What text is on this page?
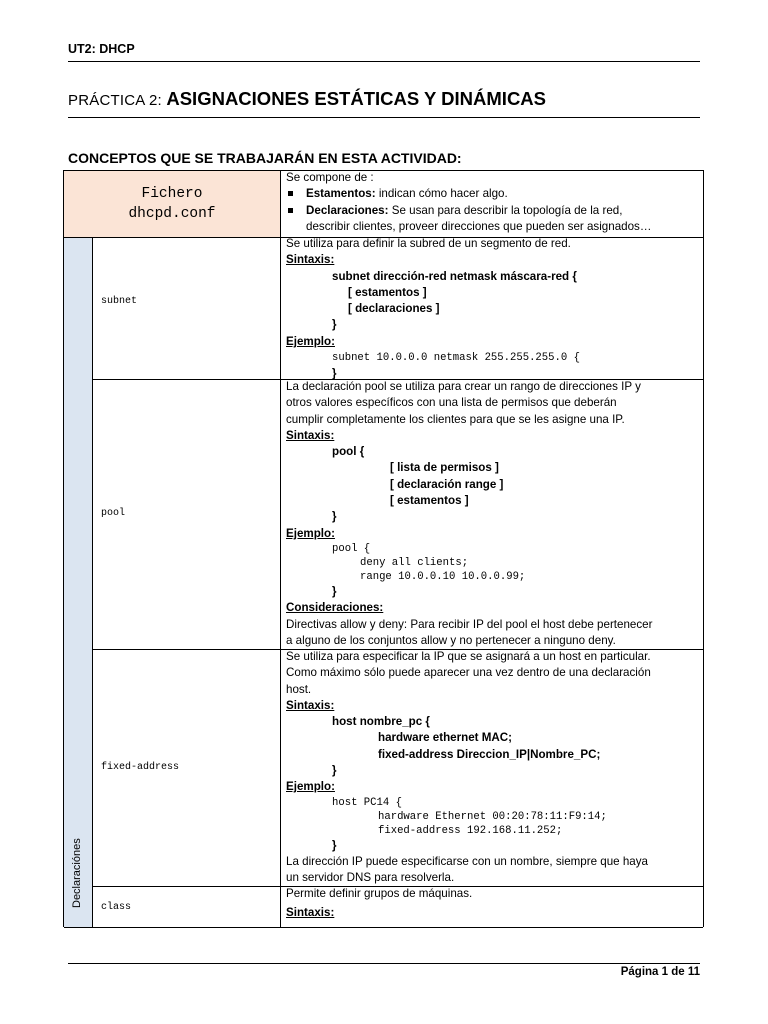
UT2: DHCP
PRÁCTICA 2: ASIGNACIONES ESTÁTICAS Y DINÁMICAS
CONCEPTOS QUE SE TRABAJARÁN EN ESTA ACTIVIDAD:
Fichero
dhcpd.conf
Declaraciónes
subnet
pool
fixed-address
class
Se compone de :
Estamentos: indican cómo hacer algo.
Declaraciones: Se usan para describir la topología de la red,
describir clientes, proveer direcciones que pueden ser asignados…
Se utiliza para definir la subred de un segmento de red.
Sintaxis:
subnet dirección-red netmask máscara-red {
[ estamentos ]
[ declaraciones ]
}
Ejemplo:
subnet 10.0.0.0 netmask 255.255.255.0 {
}
La declaración pool se utiliza para crear un rango de direcciones IP y
otros valores específicos con una lista de permisos que deberán
cumplir completamente los clientes para que se les asigne una IP.
Sintaxis:
pool {
[ lista de permisos ]
[ declaración range ]
[ estamentos ]
}
Ejemplo:
pool {
deny all clients;
range 10.0.0.10 10.0.0.99;
}
Consideraciones:
Directivas allow y deny: Para recibir IP del pool el host debe pertenecer
a alguno de los conjuntos allow y no pertenecer a ninguno deny.
Se utiliza para especificar la IP que se asignará a un host en particular.
Como máximo sólo puede aparecer una vez dentro de una declaración
host.
Sintaxis:
host nombre_pc {
hardware ethernet MAC;
fixed-address Direccion_IP|Nombre_PC;
}
Ejemplo:
host PC14 {
hardware Ethernet 00:20:78:11:F9:14;
fixed-address 192.168.11.252;
}
La dirección IP puede especificarse con un nombre, siempre que haya
un servidor DNS para resolverla.
Permite definir grupos de máquinas.
Sintaxis:
Página 1 de 11
